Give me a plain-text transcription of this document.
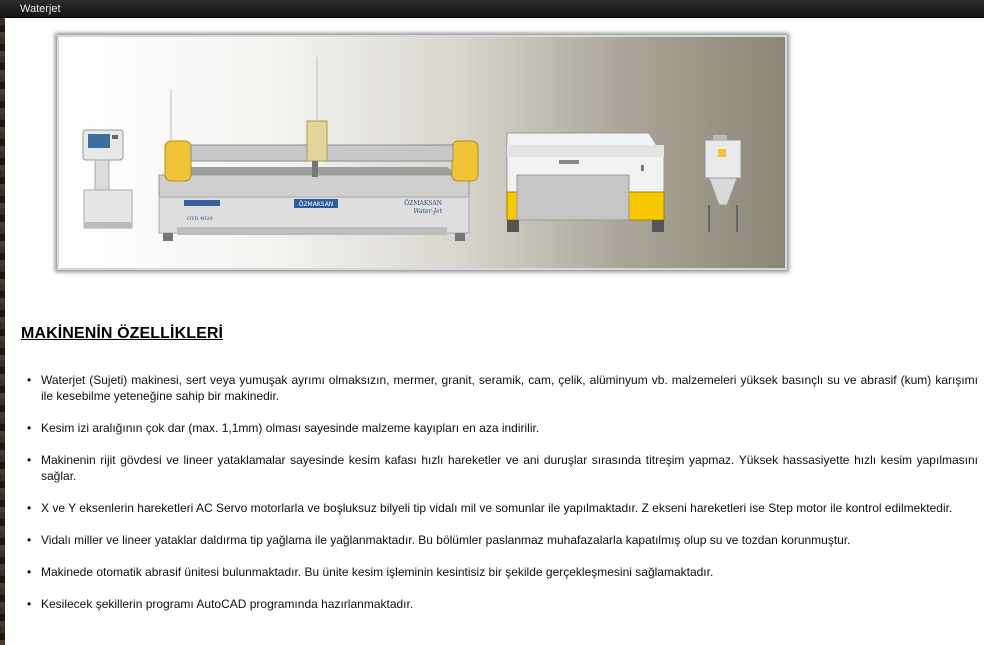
Waterjet
ÖZMAKSAN	ÖZMAKSAN
Water-Jet
OYD 4020
MAKİNENİN ÖZELLİKLERİ
• Waterjet (Sujeti) makinesi, sert veya yumuşak ayrımı olmaksızın, mermer, granit, seramik, cam, çelik, alüminyum vb. malzemeleri yüksek basınçlı su ve abrasif (kum) karışımı ile kesebilme yeteneğine sahip bir makinedir.
• Kesim izi aralığının çok dar (max. 1,1mm) olması sayesinde malzeme kayıpları en aza indirilir.
• Makinenin rijit gövdesi ve lineer yataklamalar sayesinde kesim kafası hızlı hareketler ve ani duruşlar sırasında titreşim yapmaz. Yüksek hassasiyette hızlı kesim yapılmasını sağlar.
• X ve Y eksenlerin hareketleri AC Servo motorlarla ve boşluksuz bilyeli tip vidalı mil ve somunlar ile yapılmaktadır. Z ekseni hareketleri ise Step motor ile kontrol edilmektedir.
• Vidalı miller ve lineer yataklar daldırma tip yağlama ile yağlanmaktadır. Bu bölümler paslanmaz muhafazalarla kapatılmış olup su ve tozdan korunmuştur.
• Makinede otomatik abrasif ünitesi bulunmaktadır. Bu ünite kesim işleminin kesintisiz bir şekilde gerçekleşmesini sağlamaktadır.
• Kesilecek şekillerin programı AutoCAD programında hazırlanmaktadır.
